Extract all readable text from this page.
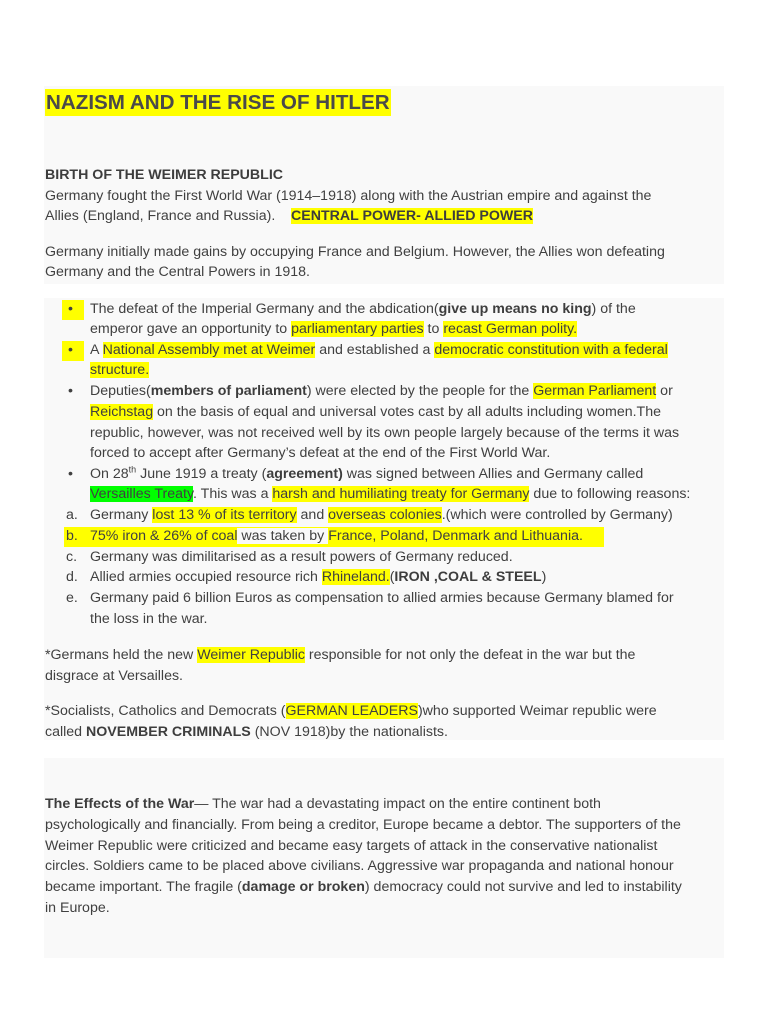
NAZISM AND THE RISE OF HITLER

BIRTH OF THE WEIMER REPUBLIC

Germany fought the First World War (1914–1918) along with the Austrian empire and against the

Allies (England, France and Russia). CENTRAL POWER- ALLIED POWER

Germany initially made gains by occupying France and Belgium. However, the Allies won defeating

Germany and the Central Powers in 1918.

• The defeat of the Imperial Germany and the abdication(give up means no king) of the

emperor gave an opportunity to parliamentary parties to recast German polity.

• A National Assembly met at Weimer and established a democratic constitution with a federal

structure.

• Deputies(members of parliament) were elected by the people for the German Parliament or

Reichstag on the basis of equal and universal votes cast by all adults including women.The

republic, however, was not received well by its own people largely because of the terms it was

forced to accept after Germany’s defeat at the end of the First World War.

• On 28th June 1919 a treaty (agreement) was signed between Allies and Germany called

Versailles Treaty. This was a harsh and humiliating treaty for Germany due to following reasons:

a. Germany lost 13 % of its territory and overseas colonies.(which were controlled by Germany)

b. 75% iron & 26% of coal was taken by France, Poland, Denmark and Lithuania.

c. Germany was dimilitarised as a result powers of Germany reduced.

d. Allied armies occupied resource rich Rhineland.(IRON ,COAL & STEEL)

e. Germany paid 6 billion Euros as compensation to allied armies because Germany blamed for

the loss in the war.

*Germans held the new Weimer Republic responsible for not only the defeat in the war but the

disgrace at Versailles.

*Socialists, Catholics and Democrats (GERMAN LEADERS)who supported Weimar republic were

called NOVEMBER CRIMINALS (NOV 1918)by the nationalists.

The Effects of the War— The war had a devastating impact on the entire continent both

psychologically and financially. From being a creditor, Europe became a debtor. The supporters of the

Weimer Republic were criticized and became easy targets of attack in the conservative nationalist

circles. Soldiers came to be placed above civilians. Aggressive war propaganda and national honour

became important. The fragile (damage or broken) democracy could not survive and led to instability

in Europe.
